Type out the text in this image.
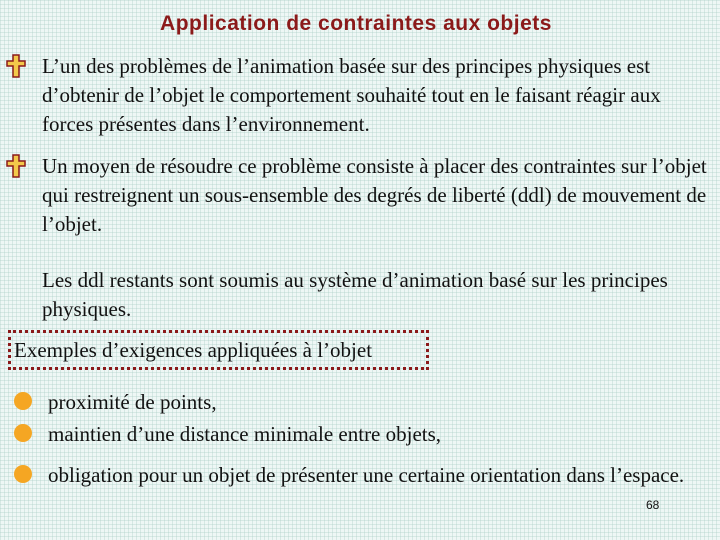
Application de contraintes aux objets
L’un des problèmes de l’animation basée sur des principes physiques est d’obtenir de l’objet le comportement souhaité tout en le faisant réagir aux forces présentes dans l’environnement.
Un moyen de résoudre ce problème consiste à placer des contraintes sur l’objet qui restreignent un sous-ensemble des degrés de liberté (ddl) de mouvement de l’objet.
Les ddl restants sont soumis au système d’animation basé sur les principes physiques.
Exemples d’exigences appliquées à l’objet
proximité de points,
maintien d’une distance minimale entre objets,
obligation pour un objet de présenter une certaine orientation dans l’espace.
68
